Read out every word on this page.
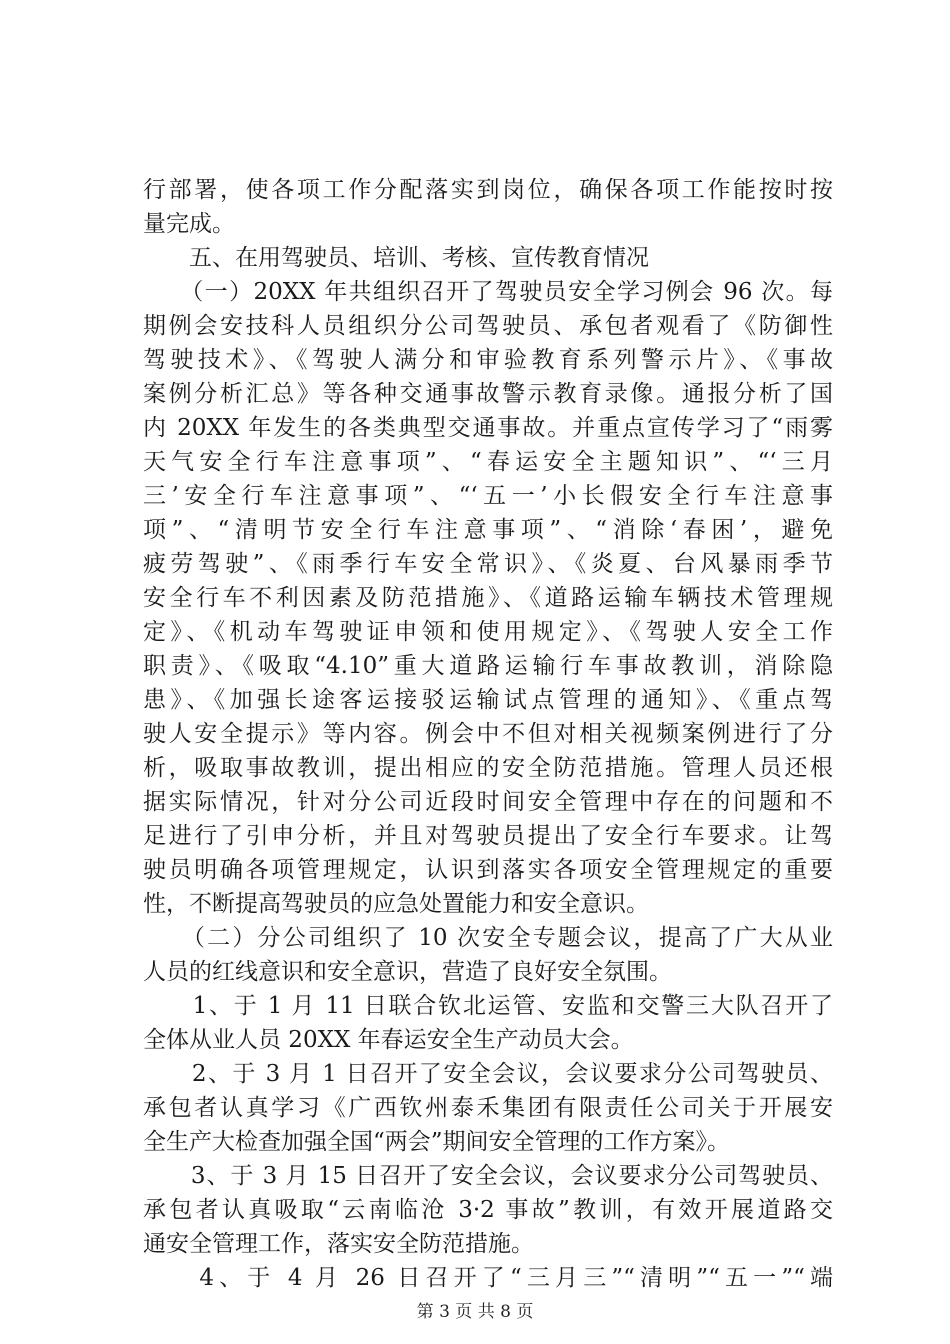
行部署，使各项工作分配落实到岗位，确保各项工作能按时按
量完成。
　　五、在用驾驶员、培训、考核、宣传教育情况
　　（一）20XX 年共组织召开了驾驶员安全学习例会 96 次。每
期例会安技科人员组织分公司驾驶员、承包者观看了《防御性
驾驶技术》、《驾驶人满分和审验教育系列警示片》、《事故
案例分析汇总》等各种交通事故警示教育录像。通报分析了国
内 20XX 年发生的各类典型交通事故。并重点宣传学习了“雨雾
天气安全行车注意事项”、“春运安全主题知识”、“‘三月
三’安全行车注意事项”、“‘五一’小长假安全行车注意事
项”、“清明节安全行车注意事项”、“消除‘春困’，避免
疲劳驾驶”、《雨季行车安全常识》、《炎夏、台风暴雨季节
安全行车不利因素及防范措施》、《道路运输车辆技术管理规
定》、《机动车驾驶证申领和使用规定》、《驾驶人安全工作
职责》、《吸取“4.10”重大道路运输行车事故教训，消除隐
患》、《加强长途客运接驳运输试点管理的通知》、《重点驾
驶人安全提示》等内容。例会中不但对相关视频案例进行了分
析，吸取事故教训，提出相应的安全防范措施。管理人员还根
据实际情况，针对分公司近段时间安全管理中存在的问题和不
足进行了引申分析，并且对驾驶员提出了安全行车要求。让驾
驶员明确各项管理规定，认识到落实各项安全管理规定的重要
性，不断提高驾驶员的应急处置能力和安全意识。
　　（二）分公司组织了 10 次安全专题会议，提高了广大从业
人员的红线意识和安全意识，营造了良好安全氛围。
　　1、于 1 月 11 日联合钦北运管、安监和交警三大队召开了
全体从业人员 20XX 年春运安全生产动员大会。
　　2、于 3 月 1 日召开了安全会议，会议要求分公司驾驶员、
承包者认真学习《广西钦州泰禾集团有限责任公司关于开展安
全生产大检查加强全国“两会”期间安全管理的工作方案》。
　　3、于 3 月 15 日召开了安全会议，会议要求分公司驾驶员、
承包者认真吸取“云南临沧 3·2 事故”教训，有效开展道路交
通安全管理工作，落实安全防范措施。
　　4、于 4 月 26 日召开了“三月三”“清明”“五一”“端
第 3 页 共 8 页
